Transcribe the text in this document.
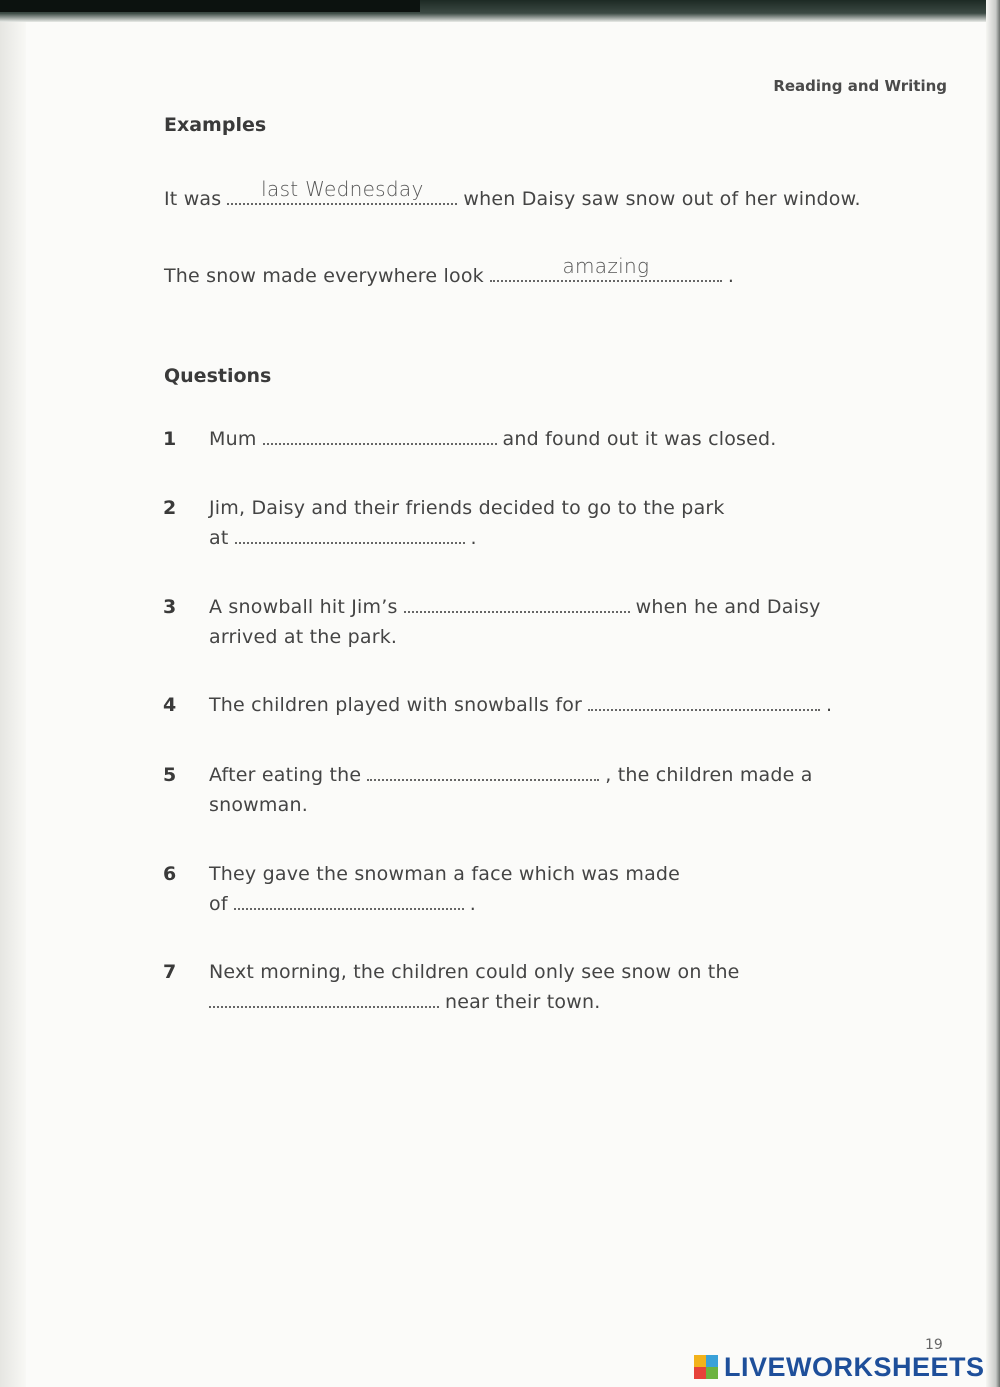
Reading and Writing
Examples
It was	last Wednesday	when Daisy saw snow out of her window.
The snow made everywhere look	amazing	.
Questions
1 Mum	and found out it was closed.
2 Jim, Daisy and their friends decided to go to the park
at	.
3 A snowball hit Jim’s	when he and Daisy
arrived at the park.
4 The children played with snowballs for	.
5 After eating the	, the children made a
snowman.
6 They gave the snowman a face which was made
of	.
7 Next morning, the children could only see snow on the
near their town.
19
LIVEWORKSHEETS
